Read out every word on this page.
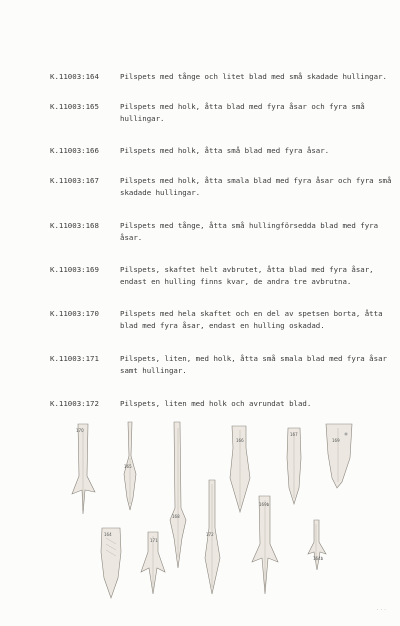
K.11003:164	Pilspets med tånge och litet blad med små skadade hullingar.
K.11003:165	Pilspets med holk, åtta blad med fyra åsar och fyra små hullingar.
K.11003:166	Pilspets med holk, åtta små blad med fyra åsar.
K.11003:167	Pilspets med holk, åtta smala blad med fyra åsar och fyra små skadade hullingar.
K.11003:168	Pilspets med tånge, åtta små hullingförsedda blad med fyra åsar.
K.11003:169	Pilspets, skaftet helt avbrutet, åtta blad med fyra åsar, endast en hulling finns kvar, de andra tre avbrutna.
K.11003:170	Pilspets med hela skaftet och en del av spetsen borta, åtta blad med fyra åsar, endast en hulling oskadad.
K.11003:171	Pilspets, liten, med holk, åtta små smala blad med fyra åsar samt hullingar.
K.11003:172	Pilspets, liten med holk och avrundat blad.
170
165
168
166
167
169
164
171
172
169b
164b
· · ·
